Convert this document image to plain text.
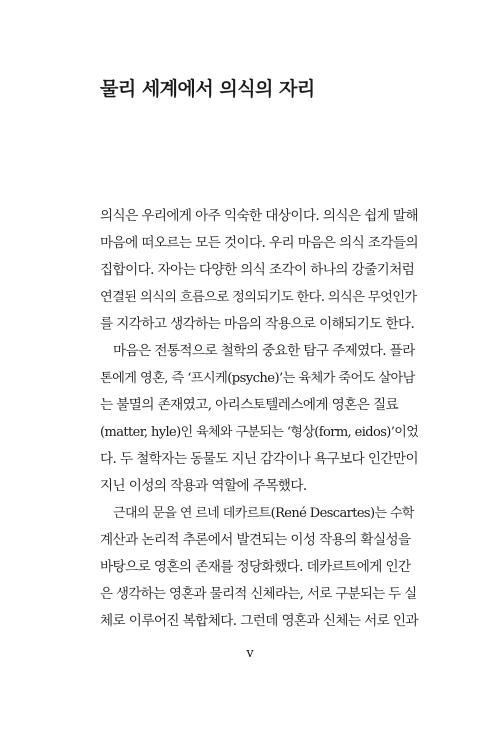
물리 세계에서 의식의 자리
의식은 우리에게 아주 익숙한 대상이다. 의식은 쉽게 말해
마음에 떠오르는 모든 것이다. 우리 마음은 의식 조각들의
집합이다. 자아는 다양한 의식 조각이 하나의 강줄기처럼
연결된 의식의 흐름으로 정의되기도 한다. 의식은 무엇인가
를 지각하고 생각하는 마음의 작용으로 이해되기도 한다.
마음은 전통적으로 철학의 중요한 탐구 주제였다. 플라
톤에게 영혼, 즉 ‘프시케(psyche)’는 육체가 죽어도 살아남
는 불멸의 존재였고, 아리스토텔레스에게 영혼은 질료
(matter, hyle)인 육체와 구분되는 ‘형상(form, eidos)’이었
다. 두 철학자는 동물도 지닌 감각이나 욕구보다 인간만이
지닌 이성의 작용과 역할에 주목했다.
근대의 문을 연 르네 데카르트(René Descartes)는 수학
계산과 논리적 추론에서 발견되는 이성 작용의 확실성을
바탕으로 영혼의 존재를 정당화했다. 데카르트에게 인간
은 생각하는 영혼과 물리적 신체라는, 서로 구분되는 두 실
체로 이루어진 복합체다. 그런데 영혼과 신체는 서로 인과
v
